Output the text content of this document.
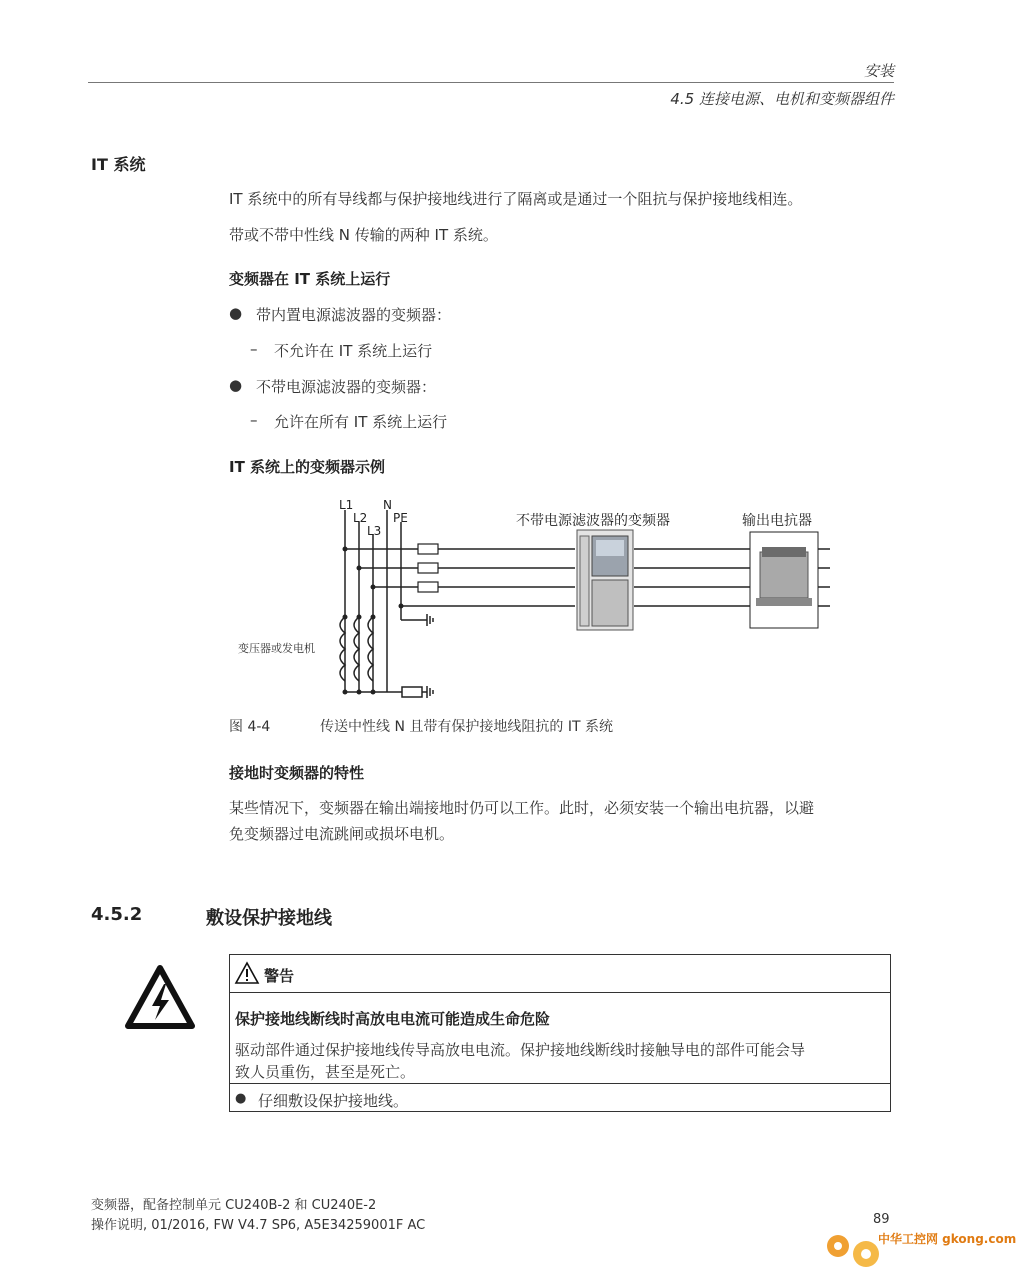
安装
4.5 连接电源、电机和变频器组件
IT 系统
IT 系统中的所有导线都与保护接地线进行了隔离或是通过一个阻抗与保护接地线相连。
带或不带中性线 N 传输的两种 IT 系统。
变频器在 IT 系统上运行
● 带内置电源滤波器的变频器：
– 不允许在 IT 系统上运行
● 不带电源滤波器的变频器：
– 允许在所有 IT 系统上运行
IT 系统上的变频器示例
L1
L2
L3
N
PE	不带电源滤波器的变频器	输出电抗器
变压器或发电机
图 4-4	传送中性线 N 且带有保护接地线阻抗的 IT 系统
接地时变频器的特性
某些情况下，变频器在输出端接地时仍可以工作。此时，必须安装一个输出电抗器，以避
免变频器过电流跳闸或损坏电机。
4.5.2	敷设保护接地线
警告
保护接地线断线时高放电电流可能造成生命危险
驱动部件通过保护接地线传导高放电电流。保护接地线断线时接触导电的部件可能会导
致人员重伤，甚至是死亡。
● 仔细敷设保护接地线。
变频器，配备控制单元 CU240B-2 和 CU240E-2
操作说明, 01/2016, FW V4.7 SP6, A5E34259001F AC	89
中华工控网 gkong.com
